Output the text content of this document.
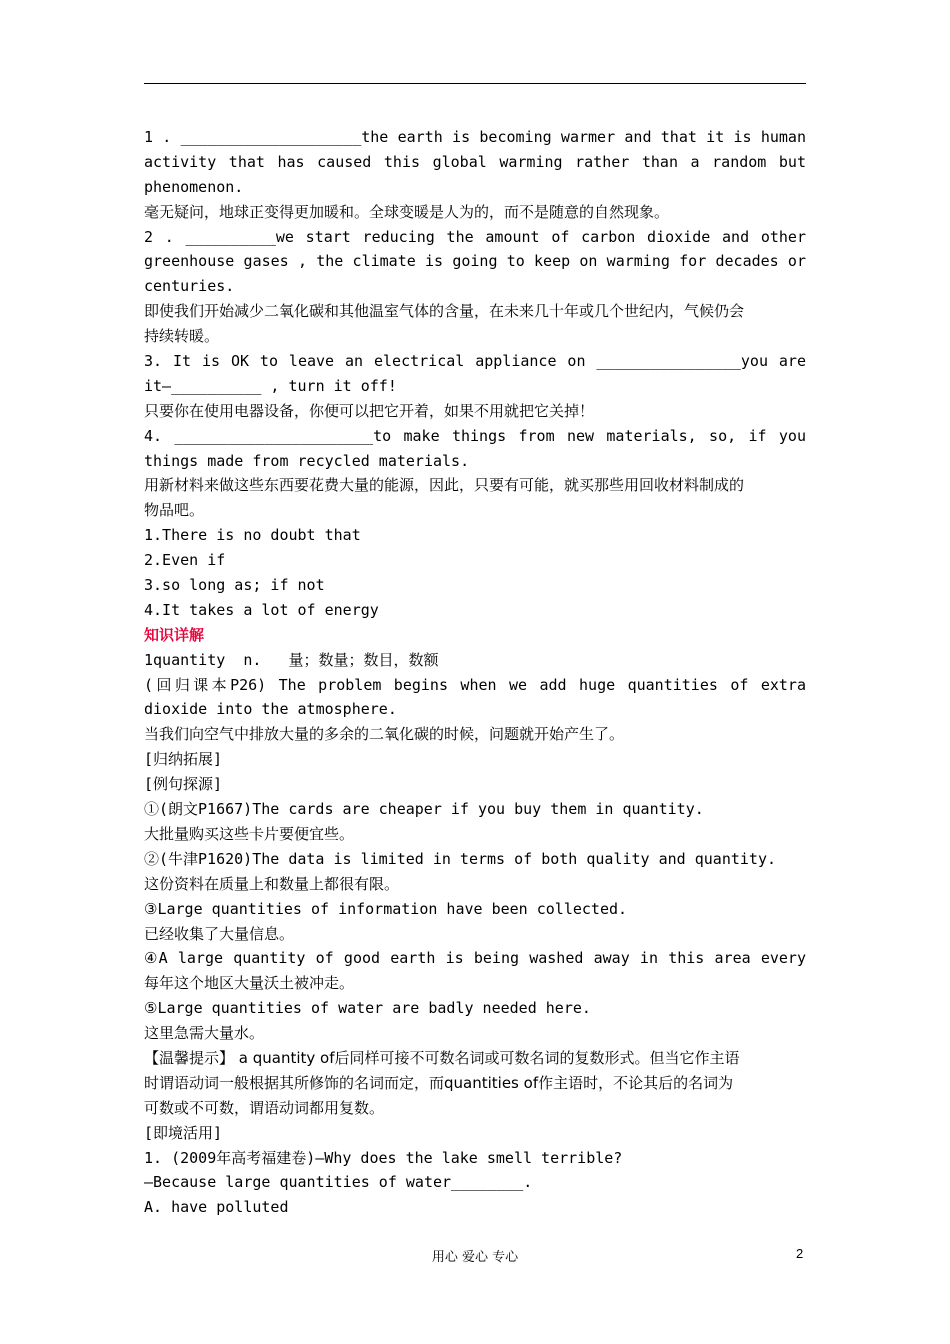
1 . ____________________the earth is becoming warmer and that it is human
activity that has caused this global warming rather than a random but
phenomenon.
毫无疑问，地球正变得更加暖和。全球变暖是人为的，而不是随意的自然现象。
2 . __________we start reducing the amount of carbon dioxide and other
greenhouse gases , the climate is going to keep on warming for decades or
centuries.
即使我们开始减少二氧化碳和其他温室气体的含量，在未来几十年或几个世纪内，气候仍会
持续转暖。
3. It is OK to leave an electrical appliance on ________________you are
it—__________ , turn it off!
只要你在使用电器设备，你便可以把它开着，如果不用就把它关掉！
4. ______________________to make things from new materials, so, if you
things made from recycled materials.
用新材料来做这些东西要花费大量的能源，因此，只要有可能，就买那些用回收材料制成的
物品吧。
1.There is no doubt that
2.Even if
3.so long as; if not
4.It takes a lot of energy
知识详解
1quantity  n.   量；数量；数目，数额
(回归课本P26) The problem begins when we add huge quantities of extra
dioxide into the atmosphere.
当我们向空气中排放大量的多余的二氧化碳的时候，问题就开始产生了。
[归纳拓展]
[例句探源]
①(朗文P1667)The cards are cheaper if you buy them in quantity.
大批量购买这些卡片要便宜些。
②(牛津P1620)The data is limited in terms of both quality and quantity.
这份资料在质量上和数量上都很有限。
③Large quantities of information have been collected.
已经收集了大量信息。
④A large quantity of good earth is being washed away in this area every
每年这个地区大量沃土被冲走。
⑤Large quantities of water are badly needed here.
这里急需大量水。
【温馨提示】 a quantity of后同样可接不可数名词或可数名词的复数形式。但当它作主语
时谓语动词一般根据其所修饰的名词而定，而quantities of作主语时，不论其后的名词为
可数或不可数，谓语动词都用复数。
[即境活用]
1. (2009年高考福建卷)—Why does the lake smell terrible?
—Because large quantities of water________.
A. have polluted
用心 爱心 专心	2
